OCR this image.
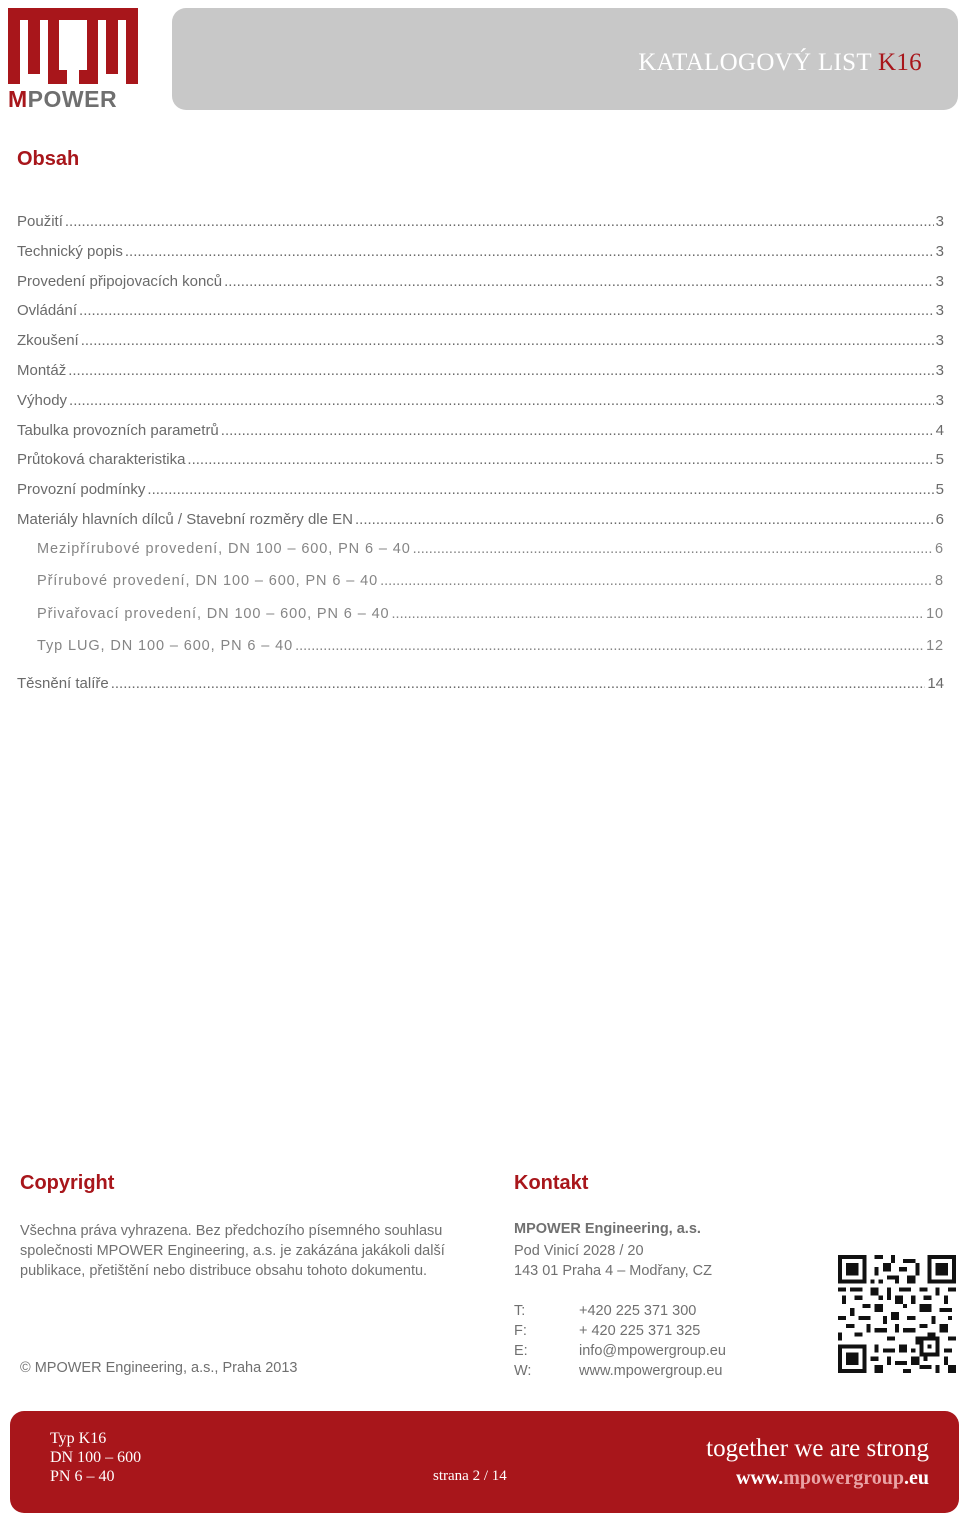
MPOWER
KATALOGOVÝ LIST K16
Obsah
Použití .....	3
Technický popis .....	3
Provedení připojovacích konců .....	3
Ovládání .....	3
Zkoušení .....	3
Montáž .....	3
Výhody .....	3
Tabulka provozních parametrů .....	4
Průtoková charakteristika .....	5
Provozní podmínky .....	5
Materiály hlavních dílců / Stavební rozměry dle EN .....	6
Mezipřírubové provedení, DN 100 – 600, PN 6 – 40 .....	6
Přírubové provedení, DN 100 – 600, PN 6 – 40 .....	8
Přivařovací provedení, DN 100 – 600, PN 6 – 40 .....	10
Typ LUG, DN 100 – 600, PN 6 – 40 .....	12
Těsnění talíře .....	14
Copyright
Všechna práva vyhrazena. Bez předchozího písemného souhlasu společnosti MPOWER Engineering, a.s. je zakázána jakákoli další publikace, přetištění nebo distribuce obsahu tohoto dokumentu.
© MPOWER Engineering, a.s., Praha 2013
Kontakt
MPOWER Engineering, a.s.
Pod Vinicí 2028 / 20
143 01 Praha 4 – Modřany, CZ
T:	+420 225 371 300
F:	+ 420 225 371 325
E:	info@mpowergroup.eu
W:	www.mpowergroup.eu
Typ K16
DN 100 – 600
PN 6 – 40	strana 2 / 14
together we are strong
www.mpowergroup.eu
